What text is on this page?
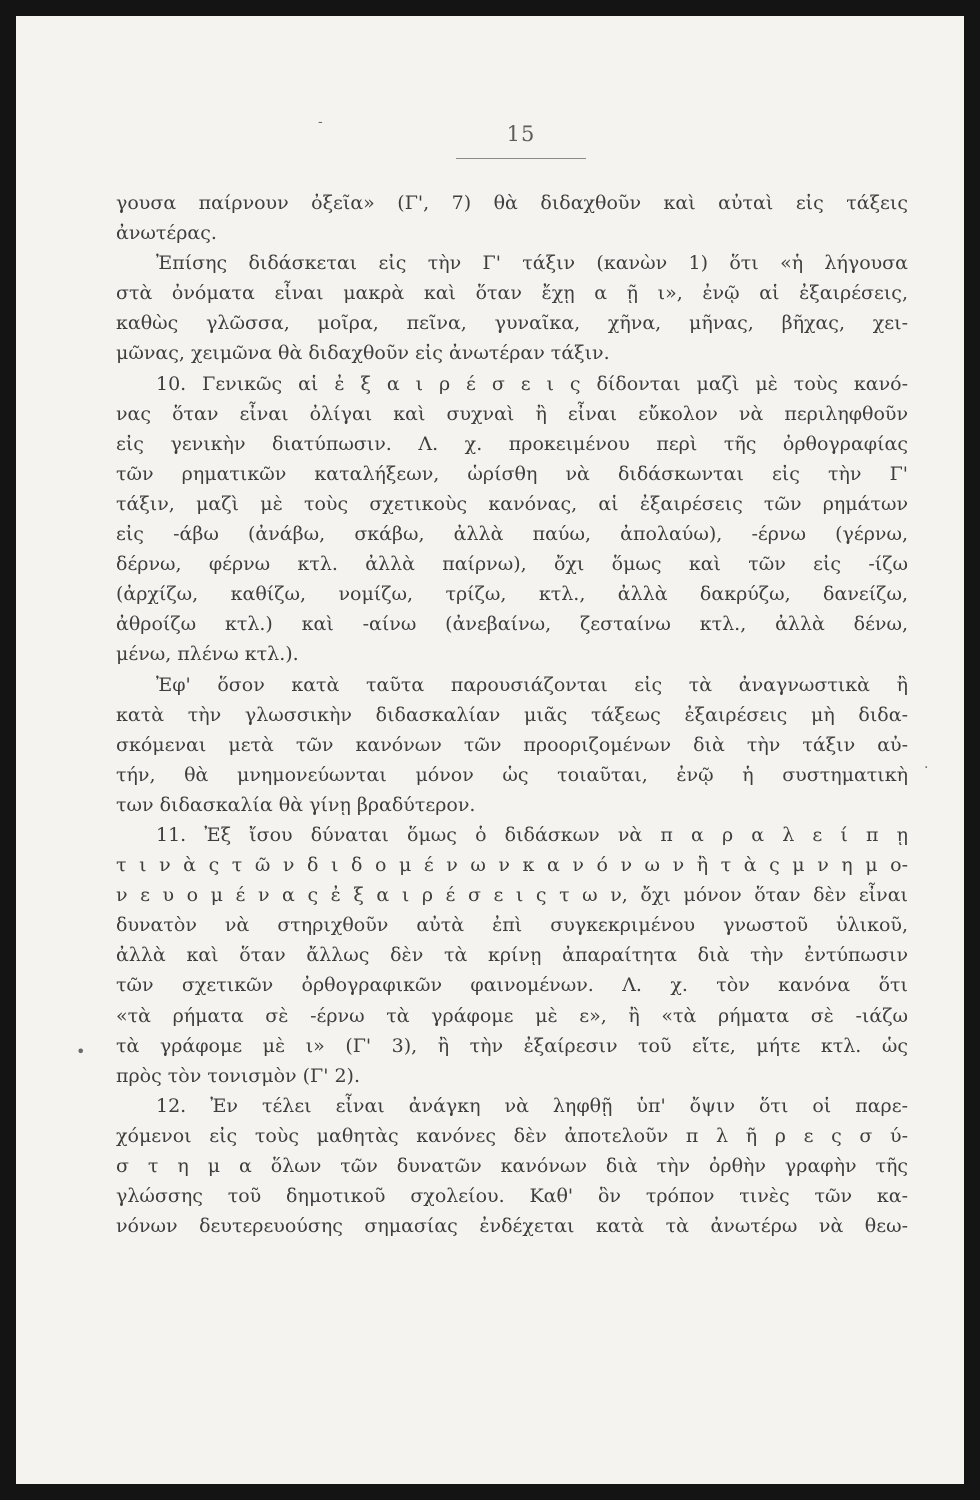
-
•
·
15
γουσα παίρνουν ὀξεῖα» (Γ', 7) θὰ διδαχθοῦν καὶ αὐταὶ εἰς τάξεις
ἀνωτέρας.
Ἐπίσης διδάσκεται εἰς τὴν Γ' τάξιν (κανὼν 1) ὅτι «ἡ λήγουσα
στὰ ὀνόματα εἶναι μακρὰ καὶ ὅταν ἔχῃ α ῇ ι», ἐνῷ αἱ ἐξαιρέσεις,
καθὼς γλῶσσα, μοῖρα, πεῖνα, γυναῖκα, χῆνα, μῆνας, βῆχας, χει-
μῶνας, χειμῶνα θὰ διδαχθοῦν εἰς ἀνωτέραν τάξιν.
10. Γενικῶς αἱ ἐ ξ α ι ρ έ σ ε ι ς δίδονται μαζὶ μὲ τοὺς κανό-
νας ὅταν εἶναι ὀλίγαι καὶ συχναὶ ἢ εἶναι εὔκολον νὰ περιληφθοῦν
εἰς γενικὴν διατύπωσιν. Λ. χ. προκειμένου περὶ τῆς ὀρθογραφίας
τῶν ρηματικῶν καταλήξεων, ὡρίσθη νὰ διδάσκωνται εἰς τὴν Γ'
τάξιν, μαζὶ μὲ τοὺς σχετικοὺς κανόνας, αἱ ἐξαιρέσεις τῶν ρημάτων
εἰς -άβω (ἀνάβω, σκάβω, ἀλλὰ παύω, ἀπολαύω), -έρνω (γέρνω,
δέρνω, φέρνω κτλ. ἀλλὰ παίρνω), ὄχι ὅμως καὶ τῶν εἰς -ίζω
(ἀρχίζω, καθίζω, νομίζω, τρίζω, κτλ., ἀλλὰ δακρύζω, δανείζω,
ἀθροίζω κτλ.) καὶ -αίνω (ἀνεβαίνω, ζεσταίνω κτλ., ἀλλὰ δένω,
μένω, πλένω κτλ.).
Ἐφ' ὅσον κατὰ ταῦτα παρουσιάζονται εἰς τὰ ἀναγνωστικὰ ἢ
κατὰ τὴν γλωσσικὴν διδασκαλίαν μιᾶς τάξεως ἐξαιρέσεις μὴ διδα-
σκόμεναι μετὰ τῶν κανόνων τῶν προοριζομένων διὰ τὴν τάξιν αὐ-
τήν, θὰ μνημονεύωνται μόνον ὡς τοιαῦται, ἐνῷ ἡ συστηματικὴ
των διδασκαλία θὰ γίνῃ βραδύτερον.
11. Ἐξ ἴσου δύναται ὅμως ὁ διδάσκων νὰ π α ρ α λ ε ί π ῃ
τ ι ν ὰ ς τ ῶ ν δ ι δ ο μ έ ν ω ν κ α ν ό ν ω ν ἢ τ ὰ ς μ ν η μ ο-
ν ε υ ο μ έ ν α ς ἐ ξ α ι ρ έ σ ε ι ς τ ω ν, ὄχι μόνον ὅταν δὲν εἶναι
δυνατὸν νὰ στηριχθοῦν αὐτὰ ἐπὶ συγκεκριμένου γνωστοῦ ὑλικοῦ,
ἀλλὰ καὶ ὅταν ἄλλως δὲν τὰ κρίνῃ ἀπαραίτητα διὰ τὴν ἐντύπωσιν
τῶν σχετικῶν ὀρθογραφικῶν φαινομένων. Λ. χ. τὸν κανόνα ὅτι
«τὰ ρήματα σὲ -έρνω τὰ γράφομε μὲ ε», ἢ «τὰ ρήματα σὲ -ιάζω
τὰ γράφομε μὲ ι» (Γ' 3), ἢ τὴν ἐξαίρεσιν τοῦ εἴτε, μήτε κτλ. ὡς
πρὸς τὸν τονισμὸν (Γ' 2).
12. Ἐν τέλει εἶναι ἀνάγκη νὰ ληφθῇ ὑπ' ὄψιν ὅτι οἱ παρε-
χόμενοι εἰς τοὺς μαθητὰς κανόνες δὲν ἀποτελοῦν π λ ῆ ρ ε ς σ ύ-
σ τ η μ α ὅλων τῶν δυνατῶν κανόνων διὰ τὴν ὀρθὴν γραφὴν τῆς
γλώσσης τοῦ δημοτικοῦ σχολείου. Καθ' ὃν τρόπον τινὲς τῶν κα-
νόνων δευτερευούσης σημασίας ἐνδέχεται κατὰ τὰ ἀνωτέρω νὰ θεω-
